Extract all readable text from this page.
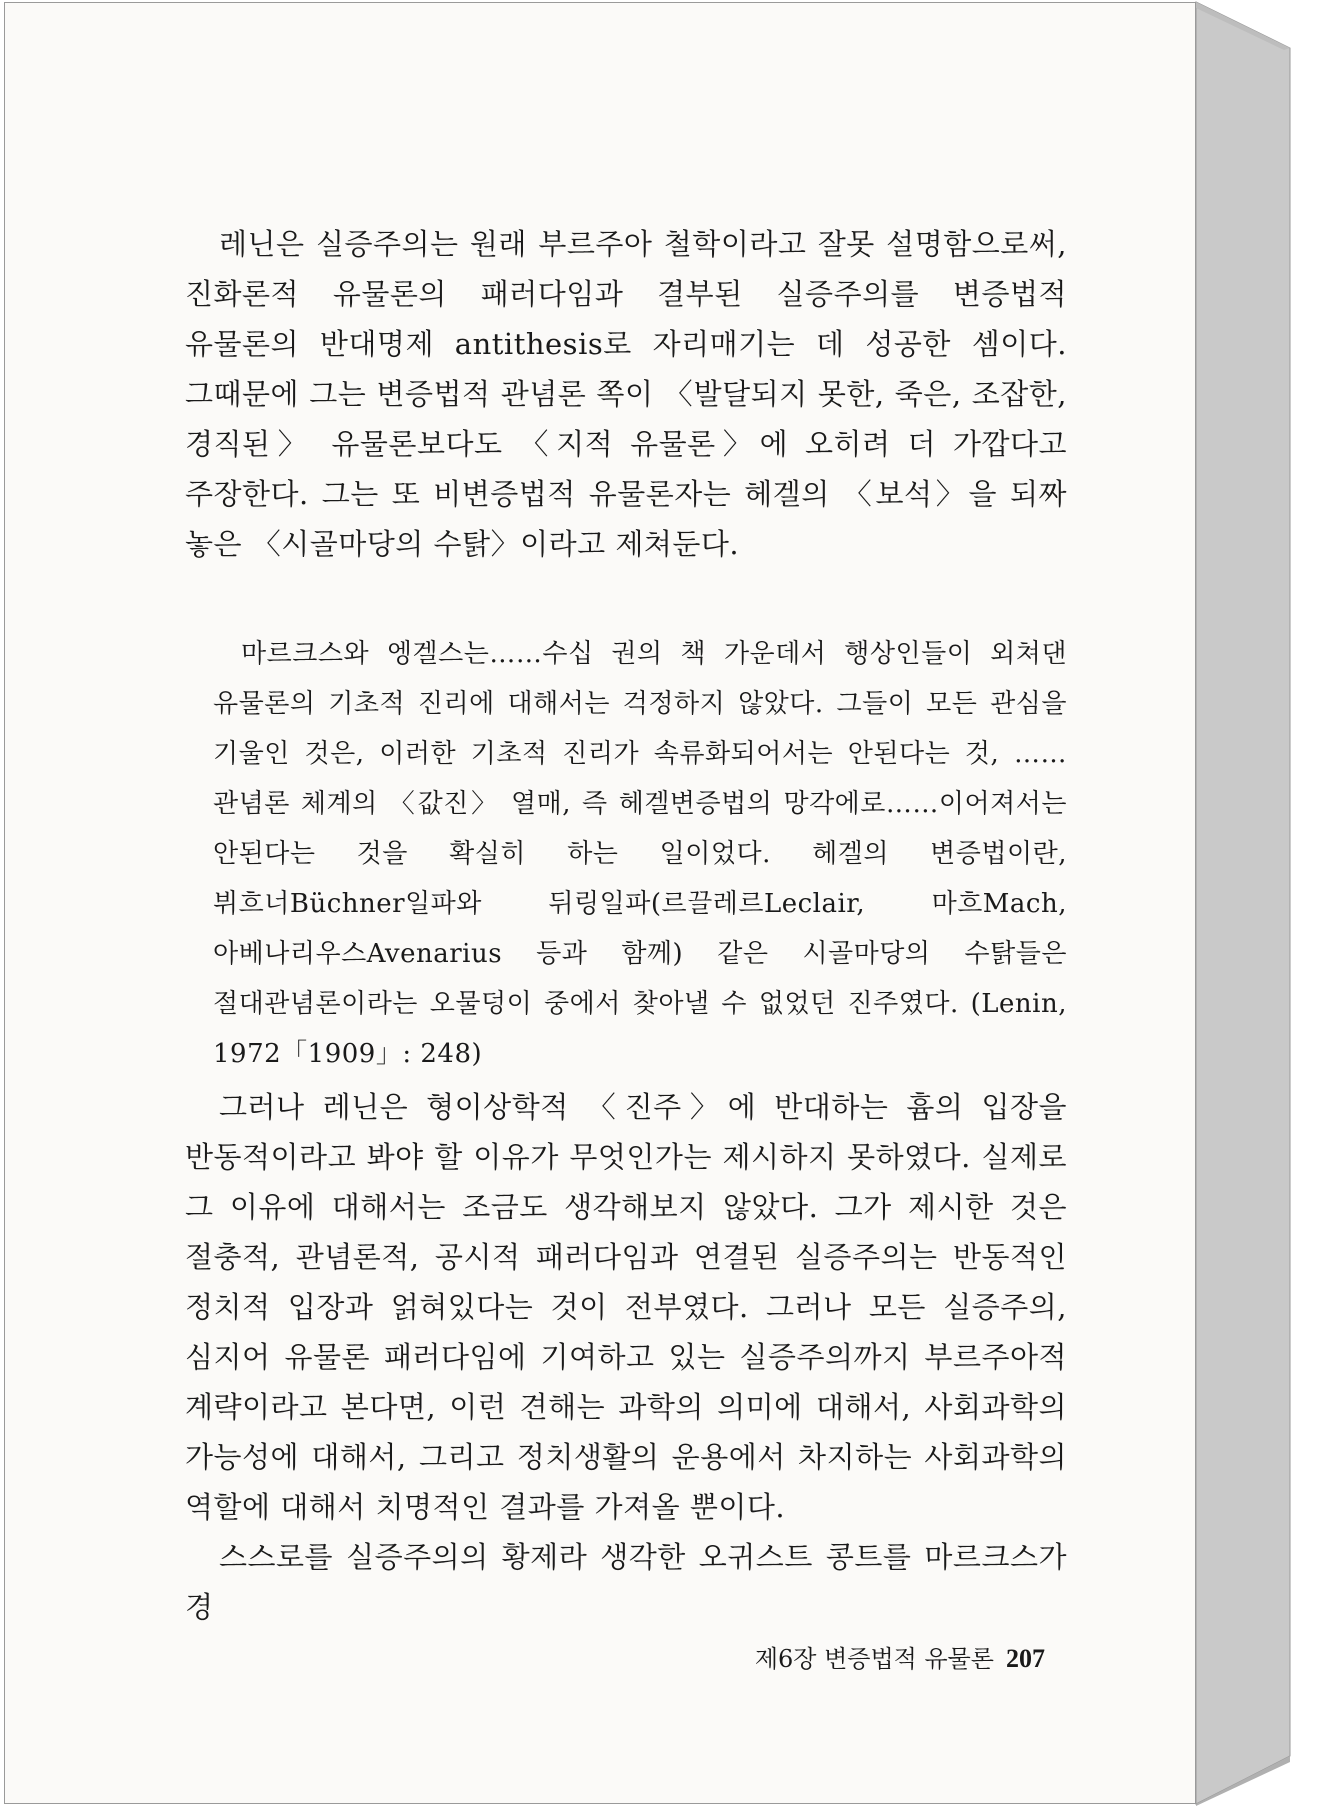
레닌은 실증주의는 원래 부르주아 철학이라고 잘못 설명함으로써, 진화론적 유물론의 패러다임과 결부된 실증주의를 변증법적 유물론의 반대명제 antithesis로 자리매기는 데 성공한 셈이다. 그때문에 그는 변증법적 관념론 쪽이 〈발달되지 못한, 죽은, 조잡한, 경직된〉 유물론보다도 〈지적 유물론〉에 오히려 더 가깝다고 주장한다. 그는 또 비변증법적 유물론자는 헤겔의 〈보석〉을 되짜 놓은 〈시골마당의 수탉〉이라고 제쳐둔다.

마르크스와 엥겔스는……수십 권의 책 가운데서 행상인들이 외쳐댄 유물론의 기초적 진리에 대해서는 걱정하지 않았다. 그들이 모든 관심을 기울인 것은, 이러한 기초적 진리가 속류화되어서는 안된다는 것, ……관념론 체계의 〈값진〉 열매, 즉 헤겔변증법의 망각에로……이어져서는 안된다는 것을 확실히 하는 일이었다. 헤겔의 변증법이란, 뷔흐너Büchner일파와 뒤링일파(르끌레르Leclair, 마흐Mach, 아베나리우스Avenarius 등과 함께) 같은 시골마당의 수탉들은 절대관념론이라는 오물덩이 중에서 찾아낼 수 없었던 진주였다. (Lenin, 1972「1909」: 248)

그러나 레닌은 형이상학적 〈진주〉에 반대하는 흄의 입장을 반동적이라고 봐야 할 이유가 무엇인가는 제시하지 못하였다. 실제로 그 이유에 대해서는 조금도 생각해보지 않았다. 그가 제시한 것은 절충적, 관념론적, 공시적 패러다임과 연결된 실증주의는 반동적인 정치적 입장과 얽혀있다는 것이 전부였다. 그러나 모든 실증주의, 심지어 유물론 패러다임에 기여하고 있는 실증주의까지 부르주아적 계략이라고 본다면, 이런 견해는 과학의 의미에 대해서, 사회과학의 가능성에 대해서, 그리고 정치생활의 운용에서 차지하는 사회과학의 역할에 대해서 치명적인 결과를 가져올 뿐이다.

스스로를 실증주의의 황제라 생각한 오귀스트 콩트를 마르크스가 경

제6장 변증법적 유물론 207
